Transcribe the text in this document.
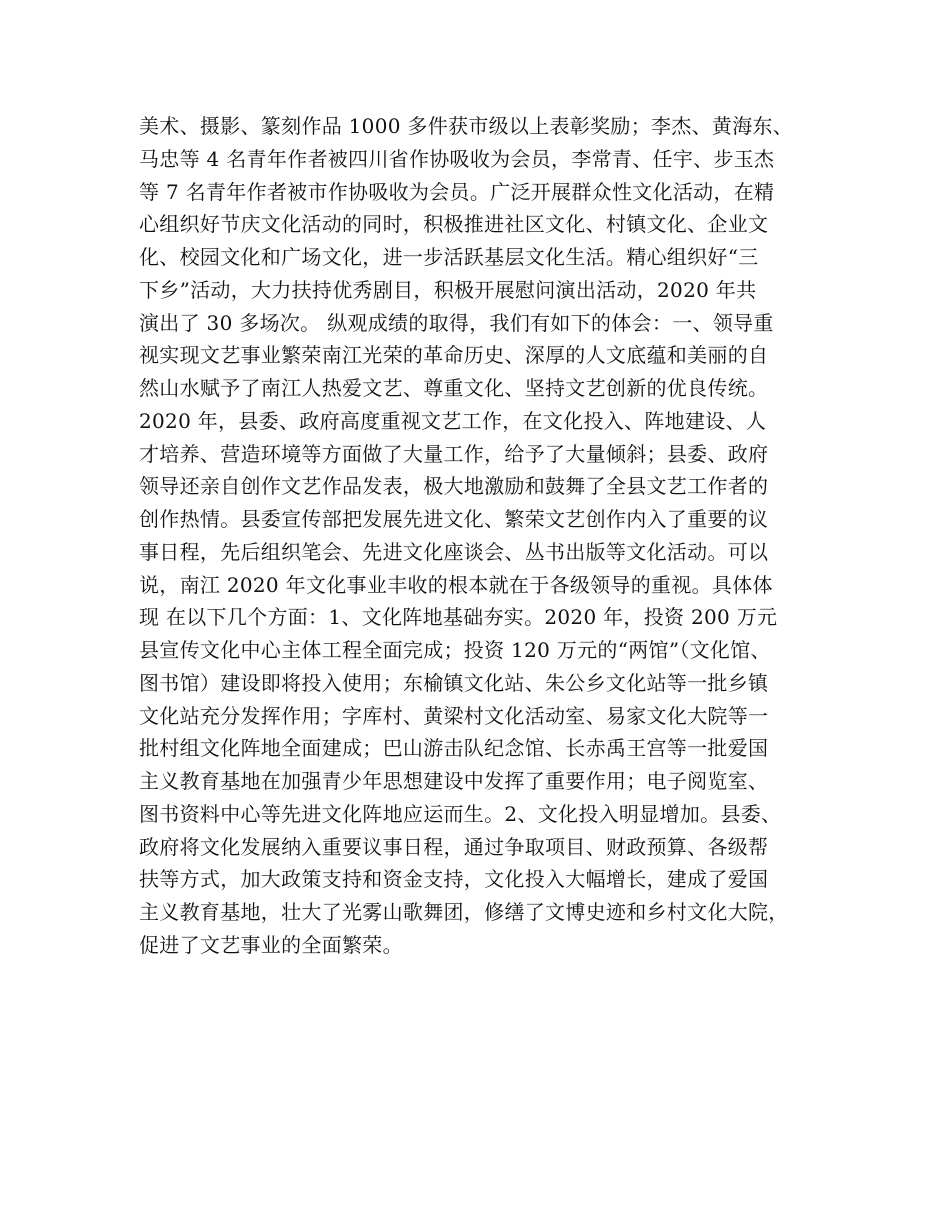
美术、摄影、篆刻作品 1000 多件获市级以上表彰奖励；李杰、黄海东、
马忠等 4 名青年作者被四川省作协吸收为会员，李常青、任宇、步玉杰
等 7 名青年作者被市作协吸收为会员。广泛开展群众性文化活动，在精
心组织好节庆文化活动的同时，积极推进社区文化、村镇文化、企业文
化、校园文化和广场文化，进一步活跃基层文化生活。精心组织好“三
下乡”活动，大力扶持优秀剧目，积极开展慰问演出活动，2020 年共
演出了 30 多场次。 纵观成绩的取得，我们有如下的体会：一、领导重
视实现文艺事业繁荣南江光荣的革命历史、深厚的人文底蕴和美丽的自
然山水赋予了南江人热爱文艺、尊重文化、坚持文艺创新的优良传统。
2020 年，县委、政府高度重视文艺工作，在文化投入、阵地建设、人
才培养、营造环境等方面做了大量工作，给予了大量倾斜；县委、政府
领导还亲自创作文艺作品发表，极大地激励和鼓舞了全县文艺工作者的
创作热情。县委宣传部把发展先进文化、繁荣文艺创作内入了重要的议
事日程，先后组织笔会、先进文化座谈会、丛书出版等文化活动。可以
说，南江 2020 年文化事业丰收的根本就在于各级领导的重视。具体体
现 在以下几个方面：1、文化阵地基础夯实。2020 年，投资 200 万元
县宣传文化中心主体工程全面完成；投资 120 万元的“两馆”（文化馆、
图书馆）建设即将投入使用；东榆镇文化站、朱公乡文化站等一批乡镇
文化站充分发挥作用；字库村、黄梁村文化活动室、易家文化大院等一
批村组文化阵地全面建成；巴山游击队纪念馆、长赤禹王宫等一批爱国
主义教育基地在加强青少年思想建设中发挥了重要作用；电子阅览室、
图书资料中心等先进文化阵地应运而生。2、文化投入明显增加。县委、
政府将文化发展纳入重要议事日程，通过争取项目、财政预算、各级帮
扶等方式，加大政策支持和资金支持，文化投入大幅增长，建成了爱国
主义教育基地，壮大了光雾山歌舞团，修缮了文博史迹和乡村文化大院，
促进了文艺事业的全面繁荣。
